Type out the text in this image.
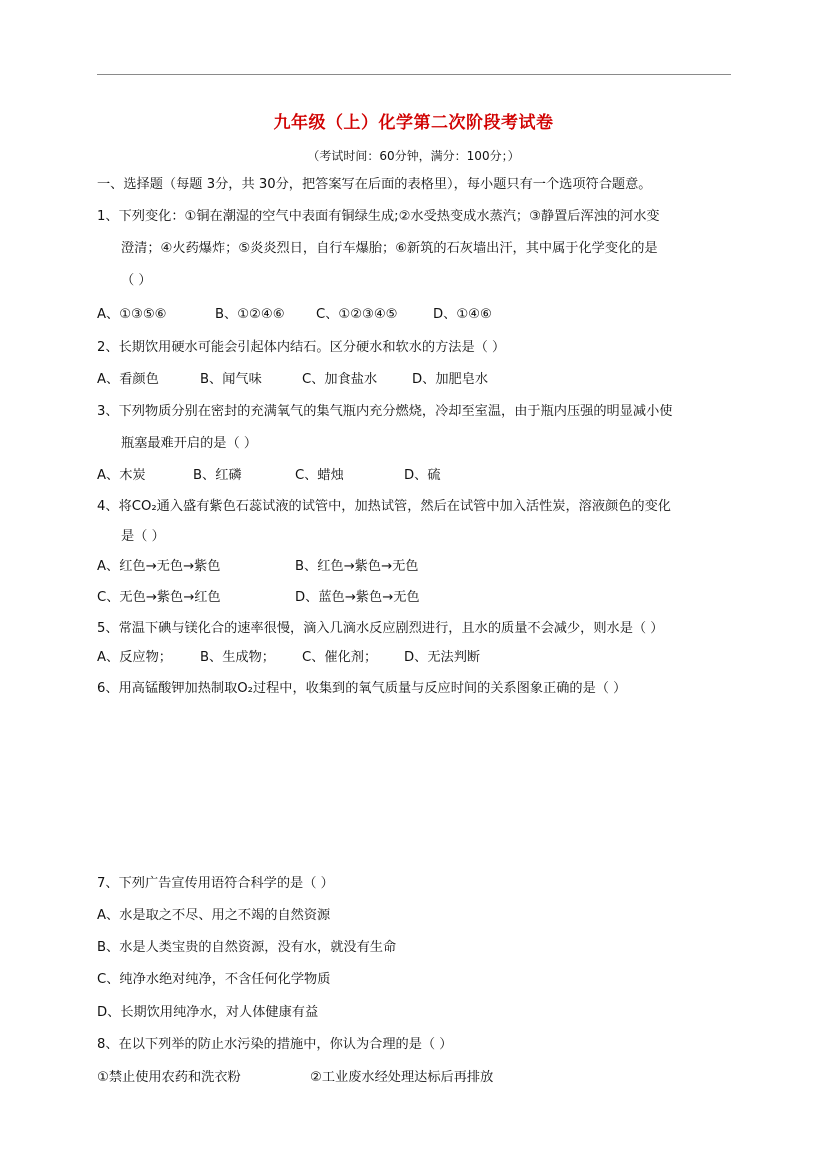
九年级（上）化学第二次阶段考试卷
（考试时间：60分钟，满分：100分；）
一、选择题（每题 3分，共 30分，把答案写在后面的表格里），每小题只有一个选项符合题意。
1、下列变化：①铜在潮湿的空气中表面有铜绿生成;②水受热变成水蒸汽；③静置后浑浊的河水变
澄清；④火药爆炸；⑤炎炎烈日，自行车爆胎；⑥新筑的石灰墙出汗，其中属于化学变化的是
（ ）
A、①③⑤⑥	B、①②④⑥ C、①②③④⑤	D、①④⑥
2、长期饮用硬水可能会引起体内结石。区分硬水和软水的方法是（ ）
A、看颜色	B、闻气味	C、加食盐水	D、加肥皂水
3、下列物质分别在密封的充满氧气的集气瓶内充分燃烧，冷却至室温，由于瓶内压强的明显减小使
瓶塞最难开启的是（ ）
A、木炭	B、红磷	C、蜡烛	D、硫
4、将CO₂通入盛有紫色石蕊试液的试管中，加热试管，然后在试管中加入活性炭，溶液颜色的变化
是（ ）
A、红色→无色→紫色	B、红色→紫色→无色
C、无色→紫色→红色	D、蓝色→紫色→无色
5、常温下碘与镁化合的速率很慢，滴入几滴水反应剧烈进行，且水的质量不会减少，则水是（ ）
A、反应物； B、生成物； C、催化剂； D、无法判断
6、用高锰酸钾加热制取O₂过程中，收集到的氧气质量与反应时间的关系图象正确的是（ ）
7、下列广告宣传用语符合科学的是（ ）
A、水是取之不尽、用之不竭的自然资源
B、水是人类宝贵的自然资源，没有水，就没有生命
C、纯净水绝对纯净，不含任何化学物质
D、长期饮用纯净水，对人体健康有益
8、在以下列举的防止水污染的措施中，你认为合理的是（ ）
①禁止使用农药和洗衣粉	②工业废水经处理达标后再排放
